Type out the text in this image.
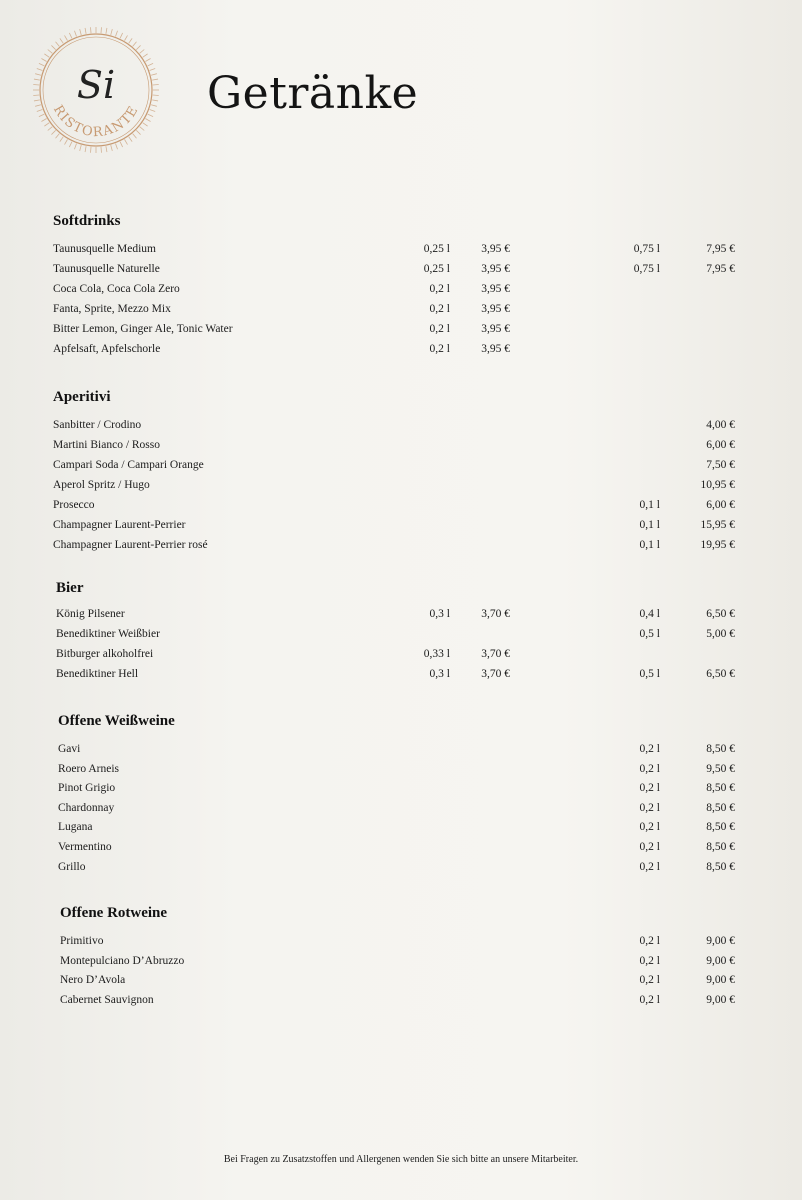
Si
RISTORANTE Getränke
Softdrinks
Taunusquelle Medium	0,25 l	3,95 €	0,75 l	7,95 €
Taunusquelle Naturelle	0,25 l	3,95 €	0,75 l	7,95 €
Coca Cola, Coca Cola Zero	0,2 l	3,95 €
Fanta, Sprite, Mezzo Mix	0,2 l	3,95 €
Bitter Lemon, Ginger Ale, Tonic Water	0,2 l	3,95 €
Apfelsaft, Apfelschorle	0,2 l	3,95 €
Aperitivi
Sanbitter / Crodino	4,00 €
Martini Bianco / Rosso	6,00 €
Campari Soda / Campari Orange	7,50 €
Aperol Spritz / Hugo	10,95 €
Prosecco	0,1 l	6,00 €
Champagner Laurent-Perrier	0,1 l	15,95 €
Champagner Laurent-Perrier rosé	0,1 l	19,95 €
Bier
König Pilsener	0,3 l	3,70 €	0,4 l	6,50 €
Benediktiner Weißbier	0,5 l	5,00 €
Bitburger alkoholfrei	0,33 l	3,70 €
Benediktiner Hell	0,3 l	3,70 €	0,5 l	6,50 €
Offene Weißweine
Gavi	0,2 l	8,50 €
Roero Arneis	0,2 l	9,50 €
Pinot Grigio	0,2 l	8,50 €
Chardonnay	0,2 l	8,50 €
Lugana	0,2 l	8,50 €
Vermentino	0,2 l	8,50 €
Grillo	0,2 l	8,50 €
Offene Rotweine
Primitivo	0,2 l	9,00 €
Montepulciano D’Abruzzo	0,2 l	9,00 €
Nero D’Avola	0,2 l	9,00 €
Cabernet Sauvignon	0,2 l	9,00 €
Bei Fragen zu Zusatzstoffen und Allergenen wenden Sie sich bitte an unsere Mitarbeiter.
